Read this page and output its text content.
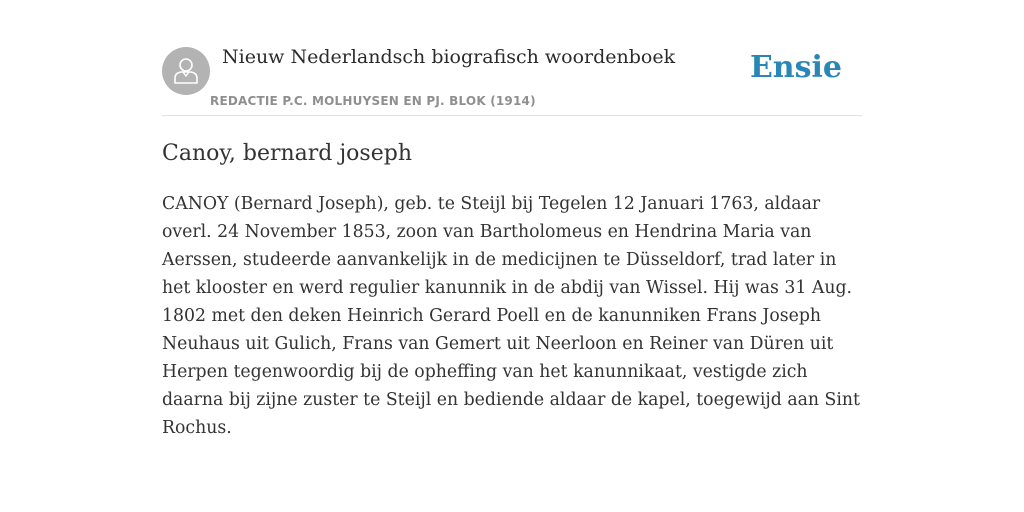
Nieuw Nederlandsch biografisch woordenboek
REDACTIE P.C. MOLHUYSEN EN PJ. BLOK (1914)
Ensie
Canoy, bernard joseph

CANOY (Bernard Joseph), geb. te Steijl bij Tegelen 12 Januari 1763, aldaar overl. 24 November 1853, zoon van Bartholomeus en Hendrina Maria van Aerssen, studeerde aanvankelijk in de medicijnen te Düsseldorf, trad later in het klooster en werd regulier kanunnik in de abdij van Wissel. Hij was 31 Aug. 1802 met den deken Heinrich Gerard Poell en de kanunniken Frans Joseph Neuhaus uit Gulich, Frans van Gemert uit Neerloon en Reiner van Düren uit Herpen tegenwoordig bij de opheffing van het kanunnikaat, vestigde zich daarna bij zijne zuster te Steijl en bediende aldaar de kapel, toegewijd aan Sint Rochus.
